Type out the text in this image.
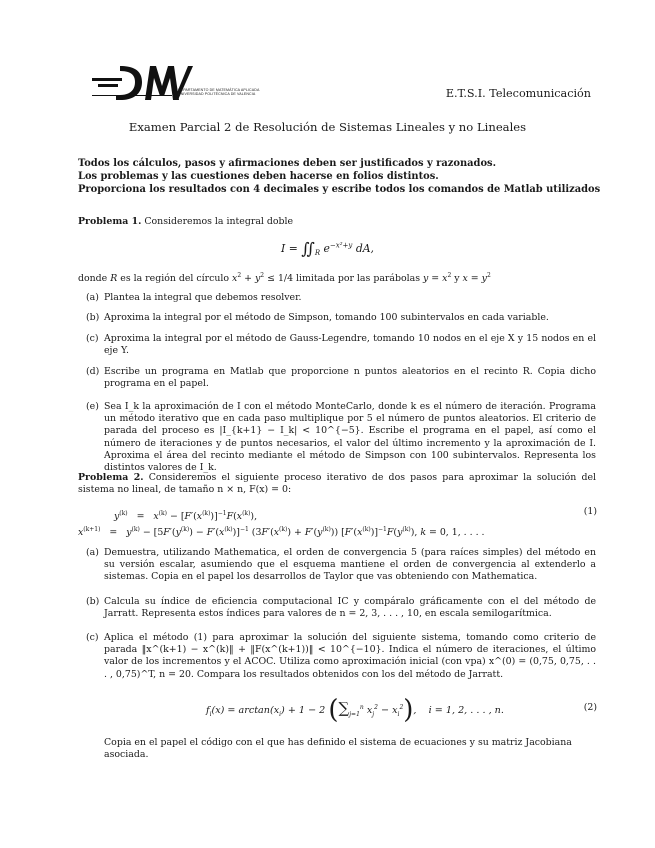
DEPARTAMENTO DE MATEMÁTICA APLICADA
UNIVERSIDAD POLITÉCNICA DE VALENCIA	E.T.S.I. Telecomunicación
Examen Parcial 2 de Resolución de Sistemas Lineales y no Lineales
Todos los cálculos, pasos y afirmaciones deben ser justificados y razonados.
Los problemas y las cuestiones deben hacerse en folios distintos.
Proporciona los resultados con 4 decimales y escribe todos los comandos de Matlab utilizados
Problema 1. Consideremos la integral doble
$I = ∬_R$ $e^{-x^2+y}$ dA,
donde R es la región del círculo $x^2 + y^2 \le 1/4$ limitada por las parábolas $y = x^2$ y $x = y^2$
(a) Plantea la integral que debemos resolver.
(b) Aproxima la integral por el método de Simpson, tomando 100 subintervalos en cada variable.
(c) Aproxima la integral por el método de Gauss-Legendre, tomando 10 nodos en el eje X y 15 nodos en el eje Y.
(d) Escribe un programa en Matlab que proporcione n puntos aleatorios en el recinto R. Copia dicho programa en el papel.
(e) Sea I_k la aproximación de I con el método MonteCarlo, donde k es el número de iteración. Programa un método iterativo que en cada paso multiplique por 5 el número de puntos aleatorios. El criterio de parada del proceso es |I_{k+1} − I_k| < 10^{−5}. Escribe el programa en el papel, así como el número de iteraciones y de puntos necesarios, el valor del último incremento y la aproximación de I. Aproxima el área del recinto mediante el método de Simpson con 100 subintervalos. Representa los distintos valores de I_k.
Problema 2. Consideremos el siguiente proceso iterativo de dos pasos para aproximar la solución del sistema no lineal, de tamaño n × n, F(x) = 0:
$y^{(k)} = x^{(k)} - [F'(x^{(k)})]^{-1}F(x^{(k)})$,
$x^{(k+1)} = y^{(k)} - [5F'(y^{(k)}) - F'(x^{(k)})]^{-1}$ $(3F'(x^{(k)}) + F'(y^{(k)}))$ $[F'(x^{(k)})]^{-1}F(y^{(k)})$, k = 0, 1, . . . .
(1)
(a) Demuestra, utilizando Mathematica, el orden de convergencia 5 (para raíces simples) del método en su versión escalar, asumiendo que el esquema mantiene el orden de convergencia al extenderlo a sistemas. Copia en el papel los desarrollos de Taylor que vas obteniendo con Mathematica.
(b) Calcula su índice de eficiencia computacional IC y compáralo gráficamente con el del método de Jarratt. Representa estos índices para valores de n = 2, 3, . . . , 10, en escala semilogarítmica.
(c) Aplica el método (1) para aproximar la solución del siguiente sistema, tomando como criterio de parada ‖x^(k+1) − x^(k)‖ + ‖F(x^(k+1))‖ < 10^{−10}. Indica el número de iteraciones, el último valor de los incrementos y el ACOC. Utiliza como aproximación inicial (con vpa) x^(0) = (0,75, 0,75, . . . , 0,75)^T, n = 20. Compara los resultados obtenidos con los del método de Jarratt.
$f_i(x) = \arctan(x_i) + 1 - 2$ ($\sum_{j=1}^n$ $x_j^2 - x_i^2$),    i = 1, 2, . . . , n.	(2)
Copia en el papel el código con el que has definido el sistema de ecuaciones y su matriz Jacobiana asociada.
